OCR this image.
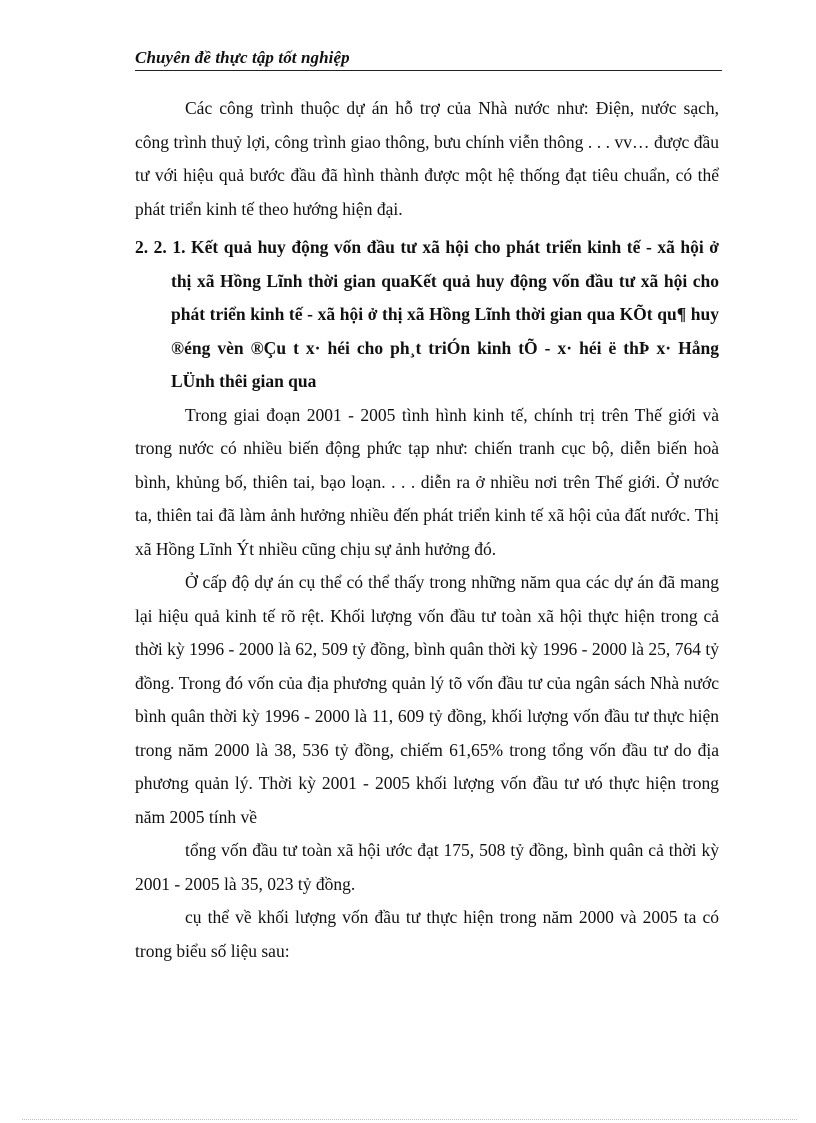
Chuyên đề thực tập tốt nghiệp

Các công trình thuộc dự án hỗ trợ của Nhà nước như: Điện, nước sạch, công trình thuỷ lợi, công trình giao thông, bưu chính viễn thông . . . vv… được đầu tư với hiệu quả bước đầu đã hình thành được một hệ thống đạt tiêu chuẩn, có thể phát triển kinh tế theo hướng hiện đại.

2. 2. 1. Kết quả huy động vốn đầu tư xã hội cho phát triển kinh tế - xã hội ở thị xã Hồng Lĩnh thời gian quaKết quả huy động vốn đầu tư xã hội cho phát triển kinh tế - xã hội ở thị xã Hồng Lĩnh thời gian qua KÕt qu¶ huy ®éng vèn ®Çu t x· héi cho ph¸t triÓn kinh tÕ - x· héi ë thÞ x· Hång LÜnh thêi gian qua

Trong giai đoạn 2001 - 2005 tình hình kinh tế, chính trị trên Thế giới và trong nước có nhiều biến động phức tạp như: chiến tranh cục bộ, diễn biến hoà bình, khủng bố, thiên tai, bạo loạn. . . . diễn ra ở nhiều nơi trên Thế giới. Ở nước ta, thiên tai đã làm ảnh hưởng nhiều đến phát triển kinh tế xã hội của đất nước. Thị xã Hồng Lĩnh Ýt nhiều cũng chịu sự ảnh hưởng đó.

Ở cấp độ dự án cụ thể có thể thấy trong những năm qua các dự án đã mang lại hiệu quả kinh tế rõ rệt. Khối lượng vốn đầu tư toàn xã hội thực hiện trong cả thời kỳ 1996 - 2000 là 62, 509 tỷ đồng, bình quân thời kỳ 1996 - 2000 là 25, 764 tỷ đồng. Trong đó vốn của địa phương quản lý tõ vốn đầu tư của ngân sách Nhà nước bình quân thời kỳ 1996 - 2000 là 11, 609 tỷ đồng, khối lượng vốn đầu tư thực hiện trong năm 2000 là 38, 536 tỷ đồng, chiếm 61,65% trong tổng vốn đầu tư do địa phương quản lý. Thời kỳ 2001 - 2005 khối lượng vốn đầu tư ưó thực hiện trong năm 2005 tính về

tổng vốn đầu tư toàn xã hội ước đạt 175, 508 tỷ đồng, bình quân cả thời kỳ 2001 - 2005 là 35, 023 tỷ đồng.

cụ thể về khối lượng vốn đầu tư thực hiện trong năm 2000 và 2005 ta có trong biểu số liệu sau:
